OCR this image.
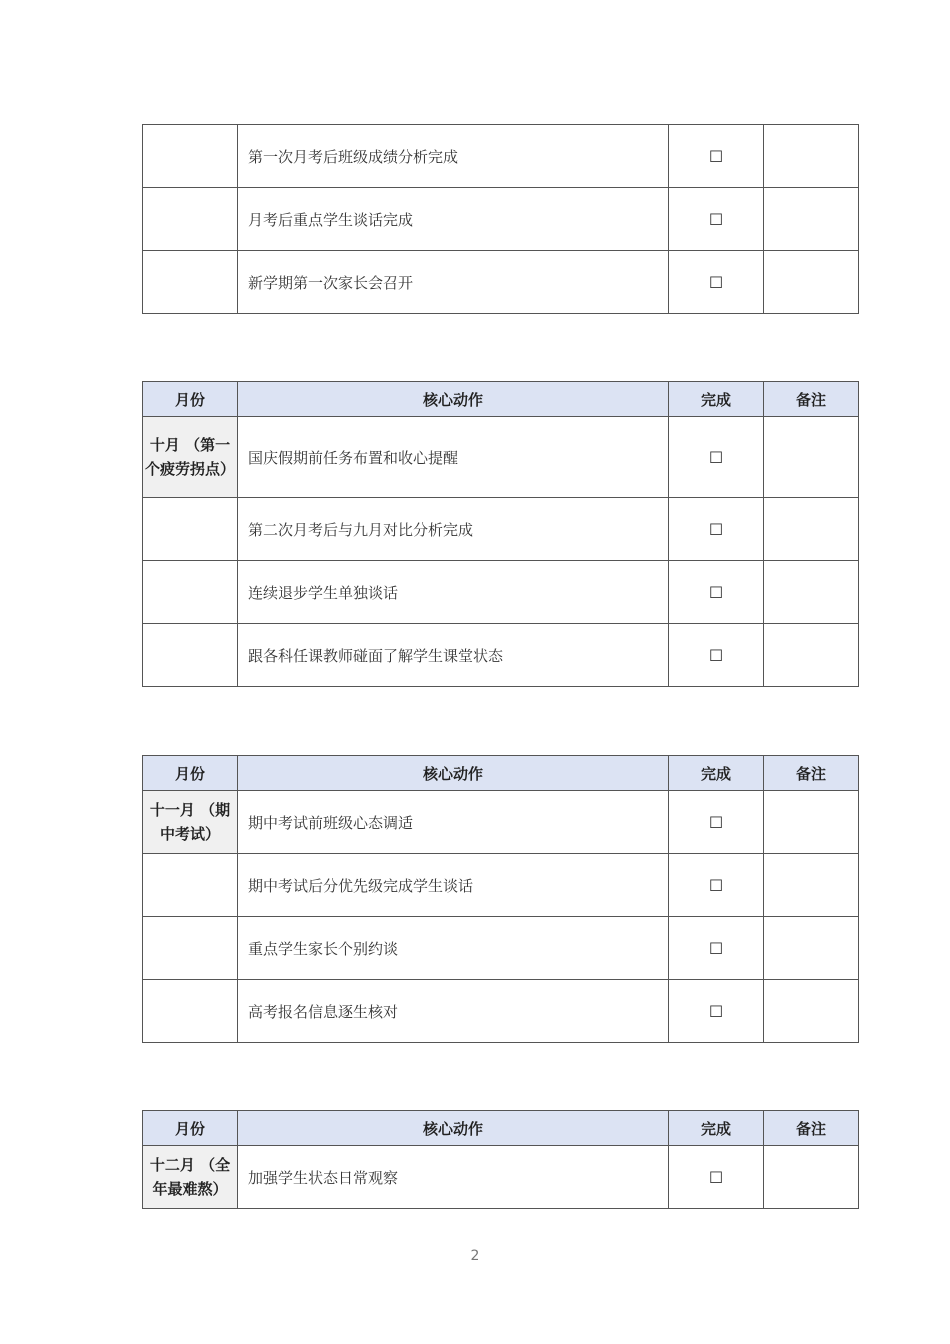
	第一次月考后班级成绩分析完成	☐	
	月考后重点学生谈话完成	☐	
	新学期第一次家长会召开	☐	
月份	核心动作	完成	备注
十月 （第一个疲劳拐点）	国庆假期前任务布置和收心提醒	☐	
	第二次月考后与九月对比分析完成	☐	
	连续退步学生单独谈话	☐	
	跟各科任课教师碰面了解学生课堂状态	☐	
月份	核心动作	完成	备注
十一月 （期中考试）	期中考试前班级心态调适	☐	
	期中考试后分优先级完成学生谈话	☐	
	重点学生家长个别约谈	☐	
	高考报名信息逐生核对	☐	
月份	核心动作	完成	备注
十二月 （全年最难熬）	加强学生状态日常观察	☐	
2
